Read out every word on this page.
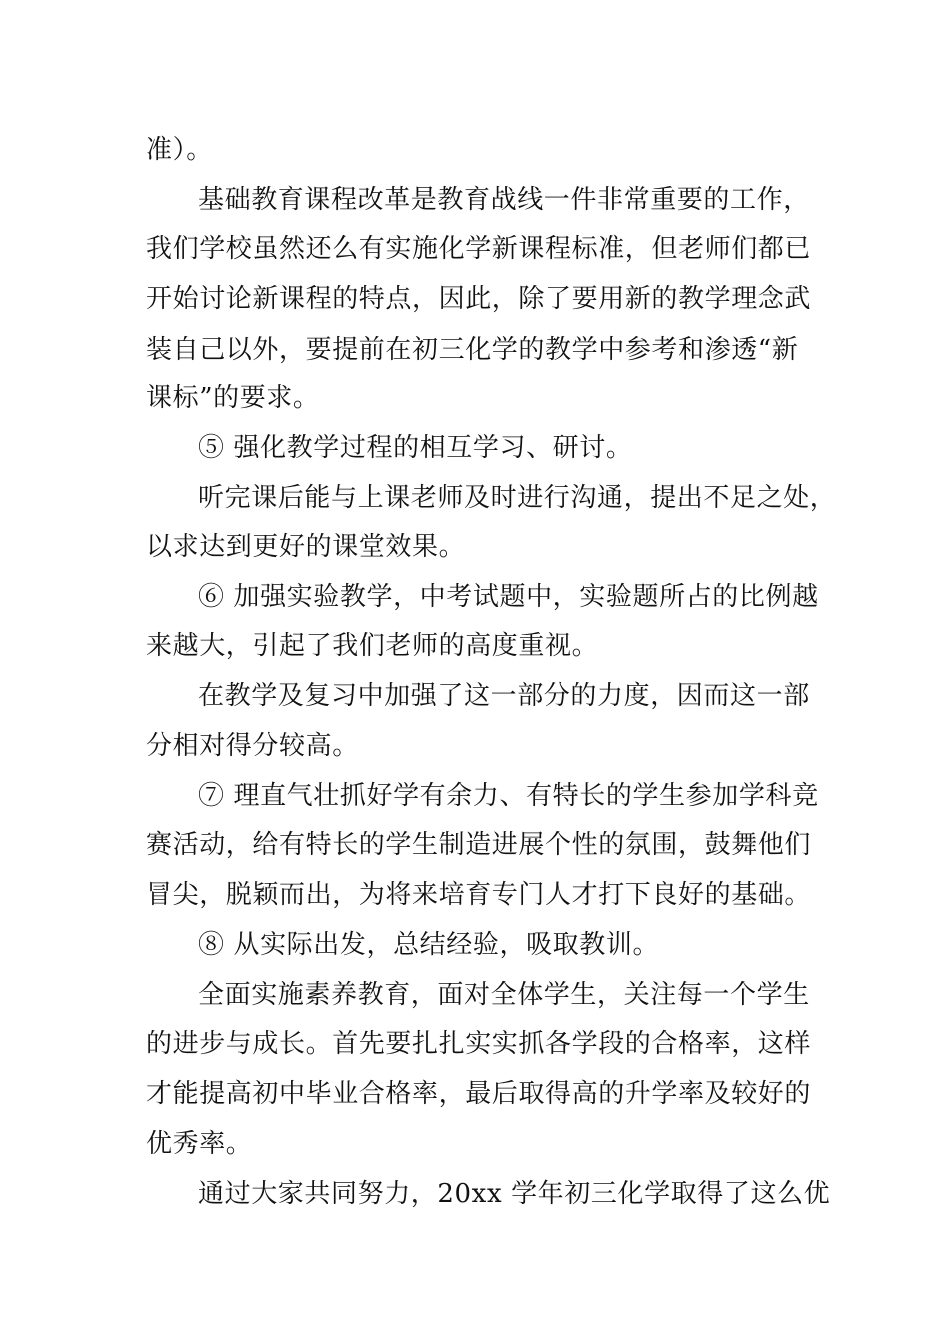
准）。
基础教育课程改革是教育战线一件非常重要的工作，
我们学校虽然还么有实施化学新课程标准，但老师们都已
开始讨论新课程的特点，因此，除了要用新的教学理念武
装自己以外，要提前在初三化学的教学中参考和渗透“新
课标”的要求。
⑤ 强化教学过程的相互学习、研讨。
听完课后能与上课老师及时进行沟通，提出不足之处，
以求达到更好的课堂效果。
⑥ 加强实验教学，中考试题中，实验题所占的比例越
来越大，引起了我们老师的高度重视。
在教学及复习中加强了这一部分的力度，因而这一部
分相对得分较高。
⑦ 理直气壮抓好学有余力、有特长的学生参加学科竞
赛活动，给有特长的学生制造进展个性的氛围，鼓舞他们
冒尖，脱颖而出，为将来培育专门人才打下良好的基础。
⑧ 从实际出发，总结经验，吸取教训。
全面实施素养教育，面对全体学生，关注每一个学生
的进步与成长。首先要扎扎实实抓各学段的合格率，这样
才能提高初中毕业合格率，最后取得高的升学率及较好的
优秀率。
通过大家共同努力，20xx 学年初三化学取得了这么优
